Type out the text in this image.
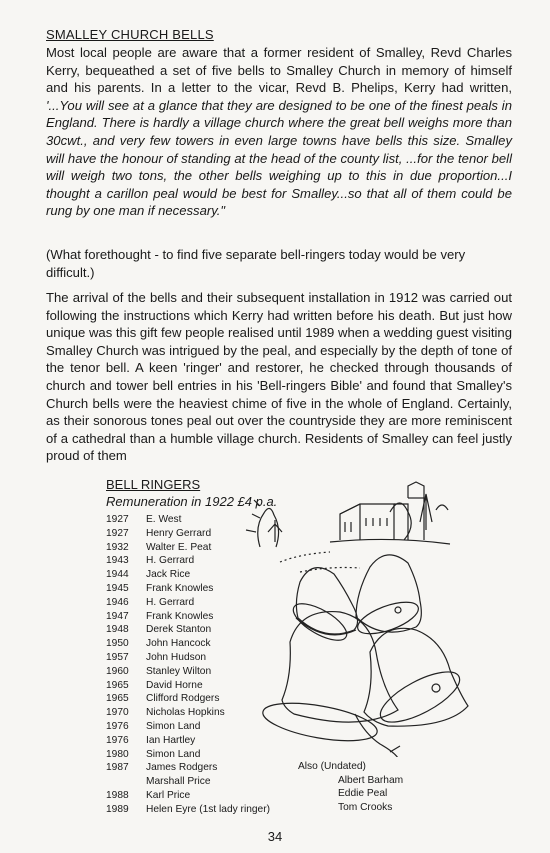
SMALLEY CHURCH BELLS
Most local people are aware that a former resident of Smalley, Revd Charles Kerry, bequeathed a set of five bells to Smalley Church in memory of himself and his parents. In a letter to the vicar, Revd B. Phelips, Kerry had written, '...You will see at a glance that they are designed to be one of the finest peals in England. There is hardly a village church where the great bell weighs more than 30cwt., and very few towers in even large towns have bells this size. Smalley will have the honour of standing at the head of the county list, ...for the tenor bell will weigh two tons, the other bells weighing up to this in due proportion...I thought a carillon peal would be best for Smalley...so that all of them could be rung by one man if necessary."
(What forethought - to find five separate bell-ringers today would be very difficult.)
The arrival of the bells and their subsequent installation in 1912 was carried out following the instructions which Kerry had written before his death. But just how unique was this gift few people realised until 1989 when a wedding guest visiting Smalley Church was intrigued by the peal, and especially by the depth of tone of the tenor bell. A keen 'ringer' and restorer, he checked through thousands of church and tower bell entries in his 'Bell-ringers Bible' and found that Smalley's Church bells were the heaviest chime of five in the whole of England. Certainly, as their sonorous tones peal out over the countryside they are more reminiscent of a cathedral than a humble village church. Residents of Smalley can feel justly proud of them
BELL RINGERS
Remuneration in 1922 £4 p.a.
1927	E. West
1927	Henry Gerrard
1932	Walter E. Peat
1943	H. Gerrard
1944	Jack Rice
1945	Frank Knowles
1946	H. Gerrard
1947	Frank Knowles
1948	Derek Stanton
1950	John Hancock
1957	John Hudson
1960	Stanley Wilton
1965	David Horne
1965	Clifford Rodgers
1970	Nicholas Hopkins
1976	Simon Land
1976	Ian Hartley
1980	Simon Land
1987	James Rodgers
Marshall Price
1988	Karl Price
1989	Helen Eyre (1st lady ringer)
Also (Undated)
Albert Barham
Eddie Peal
Tom Crooks
34
